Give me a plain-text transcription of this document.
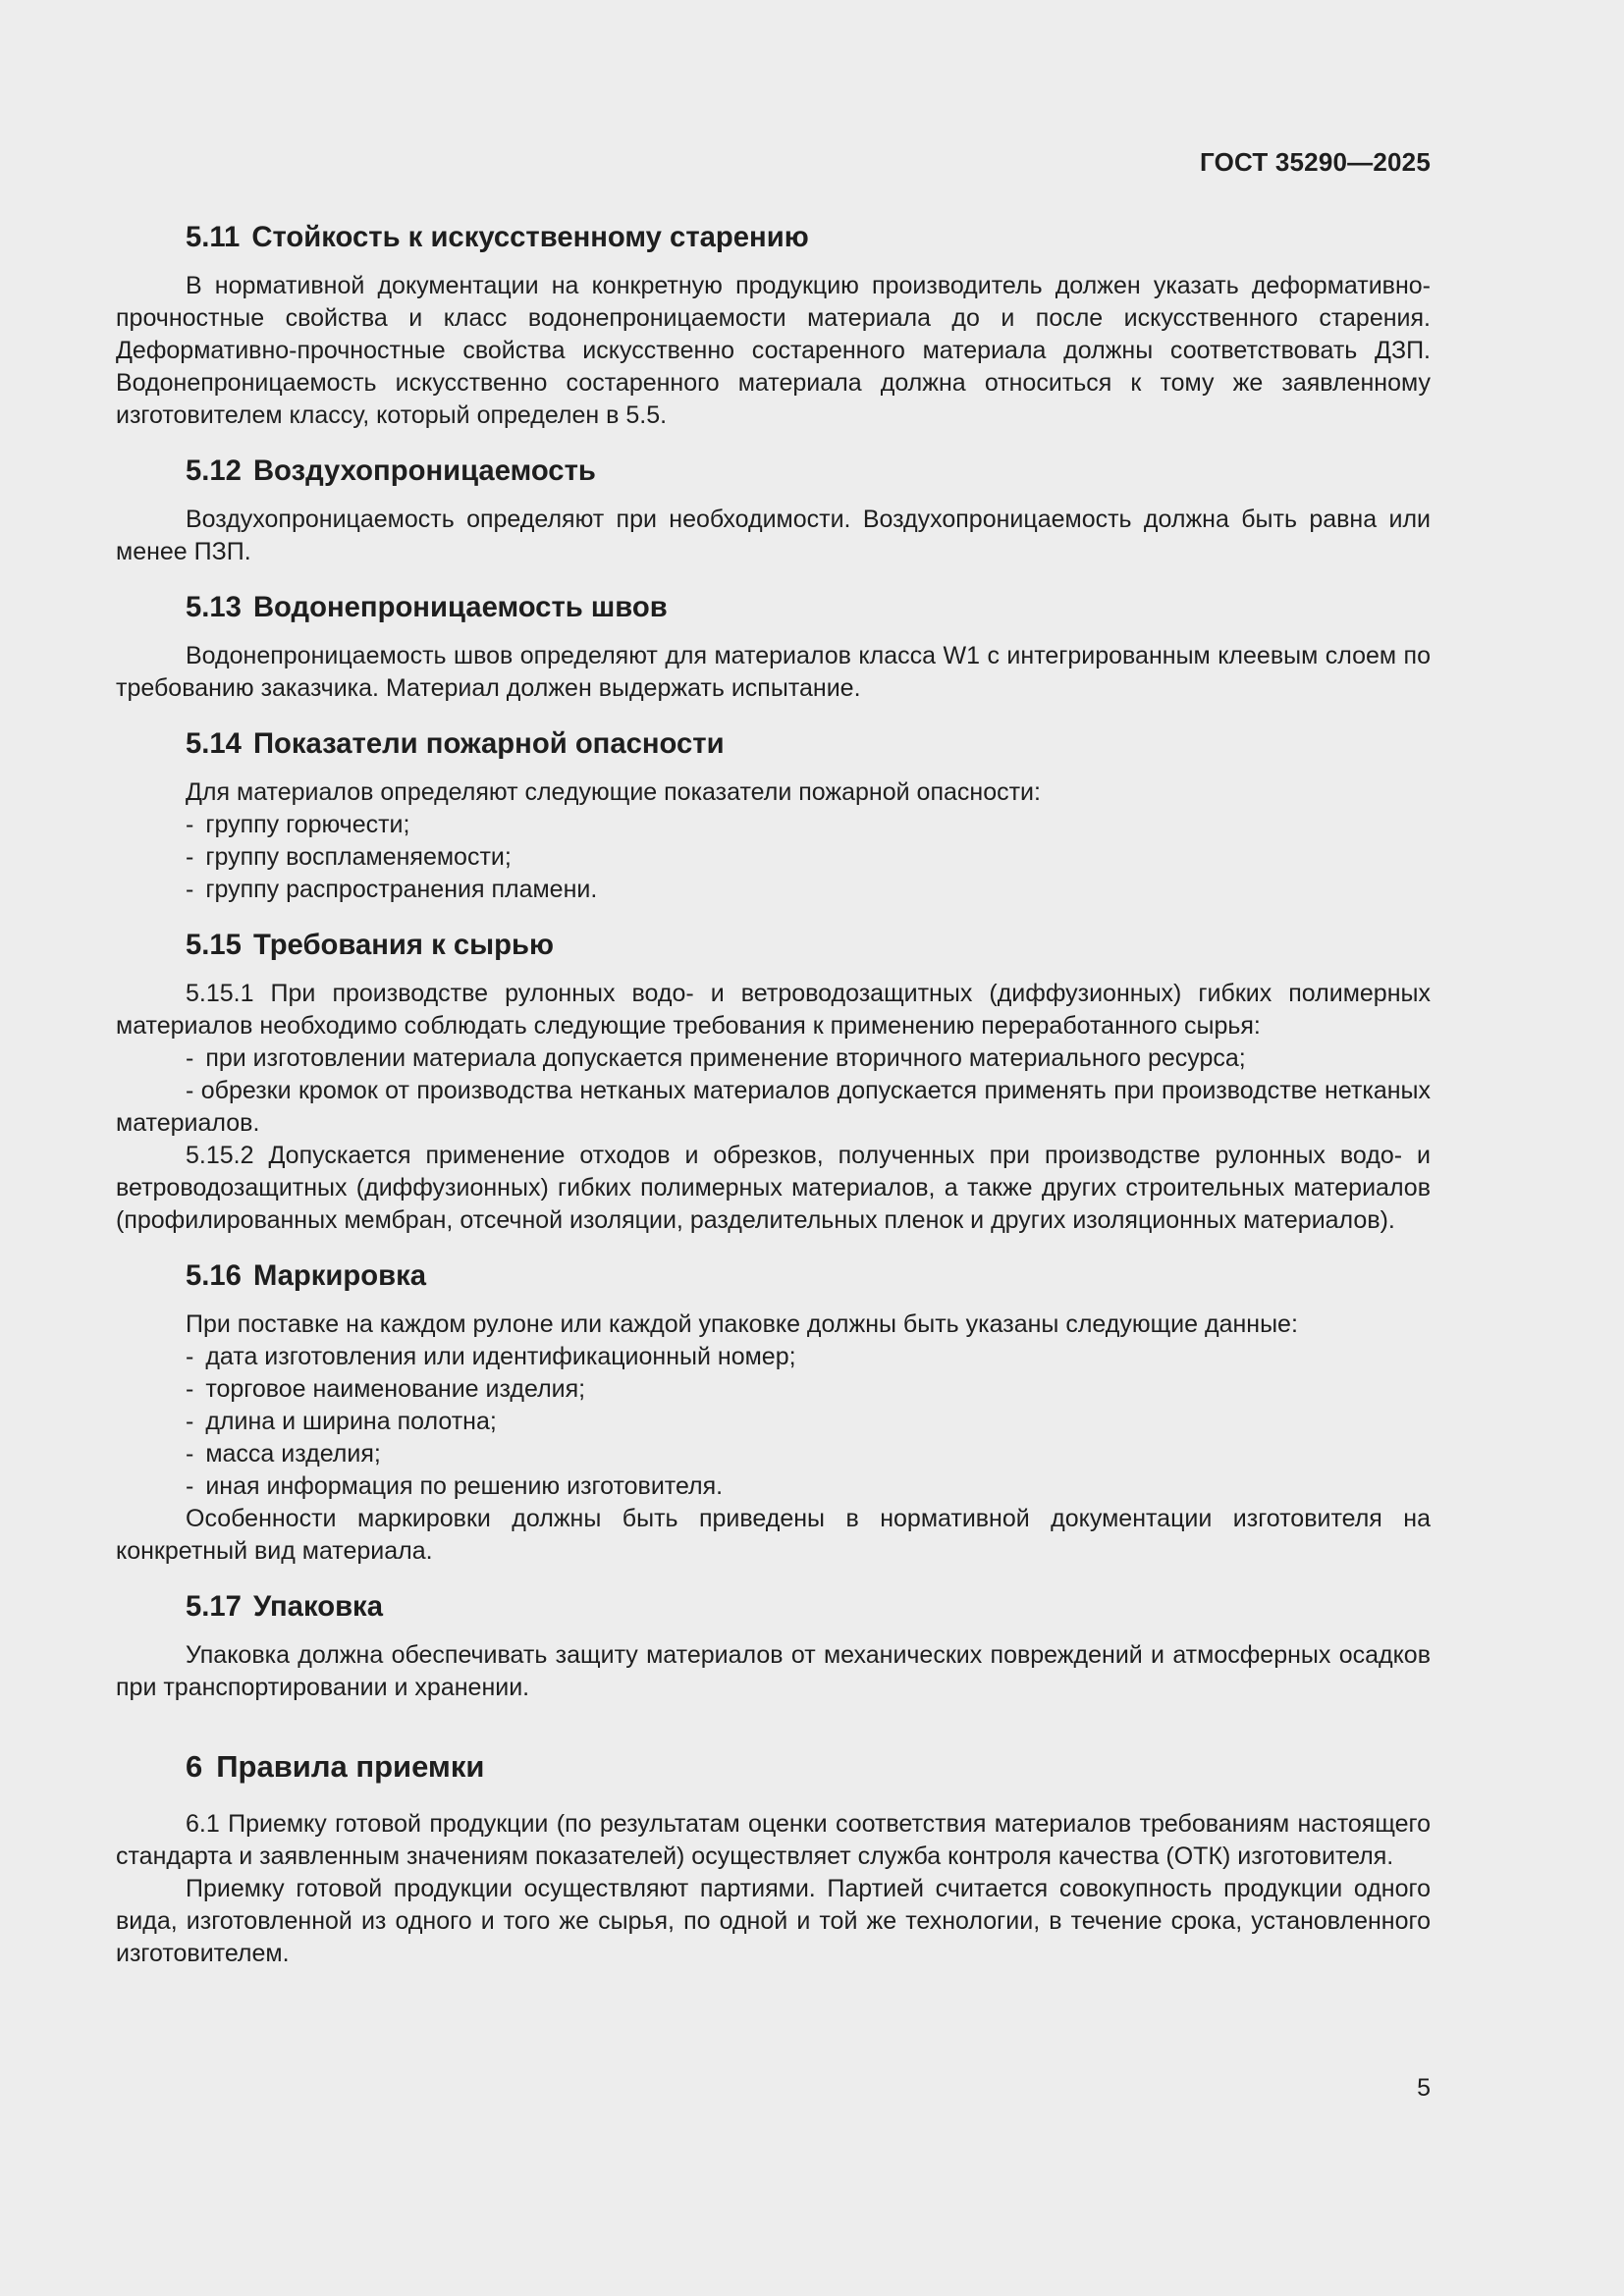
ГОСТ 35290—2025
5.11 Стойкость к искусственному старению

В нормативной документации на конкретную продукцию производитель должен указать деформативно-прочностные свойства и класс водонепроницаемости материала до и после искусственного старения. Деформативно-прочностные свойства искусственно состаренного материала должны соответствовать ДЗП. Водонепроницаемость искусственно состаренного материала должна относиться к тому же заявленному изготовителем классу, который определен в 5.5.

5.12 Воздухопроницаемость

Воздухопроницаемость определяют при необходимости. Воздухопроницаемость должна быть равна или менее ПЗП.

5.13 Водонепроницаемость швов

Водонепроницаемость швов определяют для материалов класса W1 с интегрированным клеевым слоем по требованию заказчика. Материал должен выдержать испытание.

5.14 Показатели пожарной опасности

Для материалов определяют следующие показатели пожарной опасности:

- группу горючести;
- группу воспламеняемости;
- группу распространения пламени.
5.15 Требования к сырью

5.15.1 При производстве рулонных водо- и ветроводозащитных (диффузионных) гибких полимерных материалов необходимо соблюдать следующие требования к применению переработанного сырья:

- при изготовлении материала допускается применение вторичного материального ресурса;

- обрезки кромок от производства нетканых материалов допускается применять при производстве нетканых материалов.

5.15.2 Допускается применение отходов и обрезков, полученных при производстве рулонных водо- и ветроводозащитных (диффузионных) гибких полимерных материалов, а также других строительных материалов (профилированных мембран, отсечной изоляции, разделительных пленок и других изоляционных материалов).

5.16 Маркировка

При поставке на каждом рулоне или каждой упаковке должны быть указаны следующие данные:

- дата изготовления или идентификационный номер;
- торговое наименование изделия;
- длина и ширина полотна;
- масса изделия;
- иная информация по решению изготовителя.

Особенности маркировки должны быть приведены в нормативной документации изготовителя на конкретный вид материала.

5.17 Упаковка

Упаковка должна обеспечивать защиту материалов от механических повреждений и атмосферных осадков при транспортировании и хранении.

6 Правила приемки

6.1 Приемку готовой продукции (по результатам оценки соответствия материалов требованиям настоящего стандарта и заявленным значениям показателей) осуществляет служба контроля качества (ОТК) изготовителя.

Приемку готовой продукции осуществляют партиями. Партией считается совокупность продукции одного вида, изготовленной из одного и того же сырья, по одной и той же технологии, в течение срока, установленного изготовителем.

5
